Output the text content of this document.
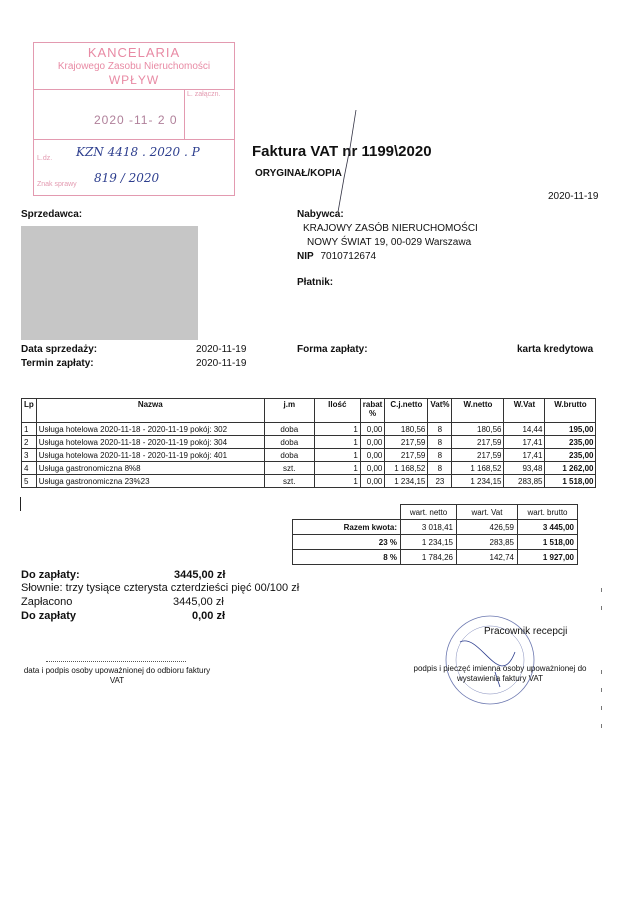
KANCELARIA
Krajowego Zasobu Nieruchomości
WPŁYW
L. załączn.
2020 -11- 2 0
L.dz. KZN 4418 . 2020 . P
Znak sprawy 819 / 2020
Faktura VAT nr 1199\2020
ORYGINAŁ/KOPIA
2020-11-19
Sprzedawca:	Nabywca:
KRAJOWY ZASÓB NIERUCHOMOŚCI
NOWY ŚWIAT 19, 00-029 Warszawa
NIP 7010712674
Płatnik:
Data sprzedaży:	2020-11-19
Termin zapłaty:	2020-11-19
Forma zapłaty:	karta kredytowa
Lp	Nazwa	j.m	Ilość	rabat %	C.j.netto	Vat%	W.netto	W.Vat	W.brutto
1	Usługa hotelowa 2020-11-18 - 2020-11-19 pokój: 302	doba	1	0,00	180,56	8	180,56	14,44	195,00
2	Usługa hotelowa 2020-11-18 - 2020-11-19 pokój: 304	doba	1	0,00	217,59	8	217,59	17,41	235,00
3	Usługa hotelowa 2020-11-18 - 2020-11-19 pokój: 401	doba	1	0,00	217,59	8	217,59	17,41	235,00
4	Usługa gastronomiczna 8%8	szt.	1	0,00	1 168,52	8	1 168,52	93,48	1 262,00
5	Usługa gastronomiczna 23%23	szt.	1	0,00	1 234,15	23	1 234,15	283,85	1 518,00
	wart. netto	wart. Vat	wart. brutto
Razem kwota:	3 018,41	426,59	3 445,00
23 %	1 234,15	283,85	1 518,00
8 %	1 784,26	142,74	1 927,00
Do zapłaty:	3445,00 zł
Słownie: trzy tysiące czterysta czterdzieści pięć 00/100 zł
Zapłacono	3445,00 zł
Do zapłaty	0,00 zł
data i podpis osoby upoważnionej do odbioru faktury VAT
Pracownik recepcji
podpis i pieczęć imienna osoby upoważnionej do wystawienia faktury VAT
